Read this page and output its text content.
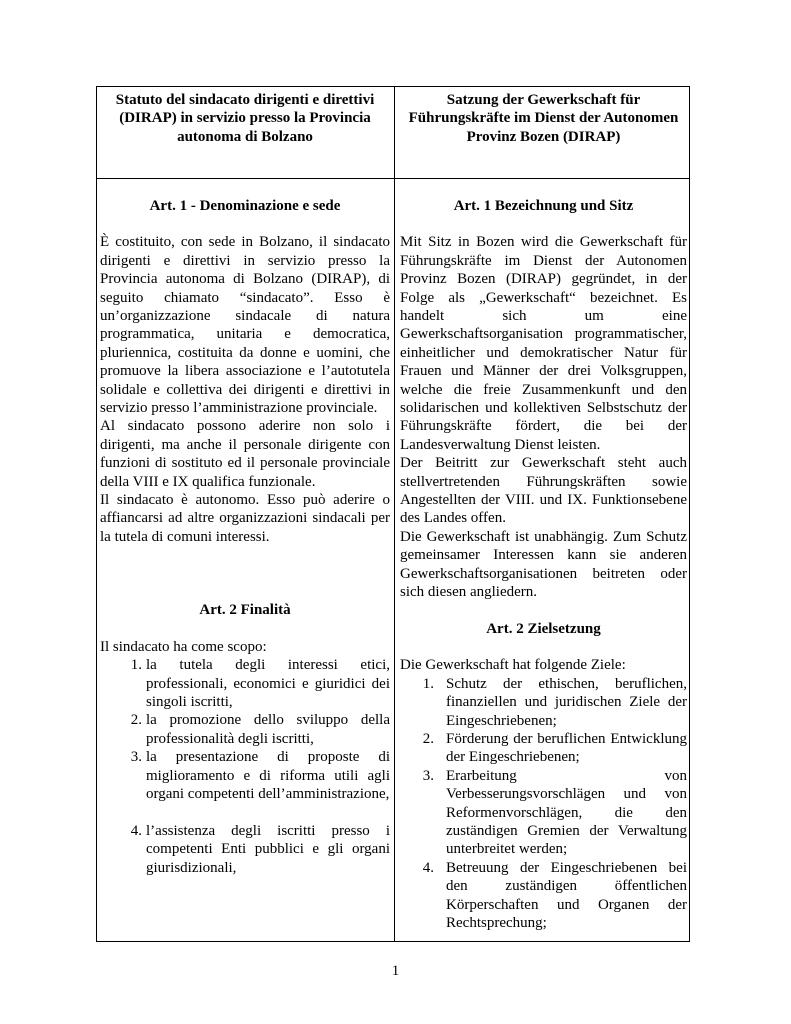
Statuto del sindacato dirigenti e direttivi (DIRAP) in servizio presso la Provincia autonoma di Bolzano
Satzung der Gewerkschaft für Führungskräfte im Dienst der Autonomen Provinz Bozen (DIRAP)
Art. 1 - Denominazione e sede

È costituito, con sede in Bolzano, il sindacato dirigenti e direttivi in servizio presso la Provincia autonoma di Bolzano (DIRAP), di seguito chiamato “sindacato”. Esso è un’organizzazione sindacale di natura programmatica, unitaria e democratica, pluriennica, costituita da donne e uomini, che promuove la libera associazione e l’autotutela solidale e collettiva dei dirigenti e direttivi in servizio presso l’amministrazione provinciale.

Al sindacato possono aderire non solo i dirigenti, ma anche il personale dirigente con funzioni di sostituto ed il personale provinciale della VIII e IX qualifica funzionale.

Il sindacato è autonomo. Esso può aderire o affiancarsi ad altre organizzazioni sindacali per la tutela di comuni interessi.

Art. 2 Finalità

Il sindacato ha come scopo:

1. la tutela degli interessi etici, professionali, economici e giuridici dei singoli iscritti,
2. la promozione dello sviluppo della professionalità degli iscritti,
3. la presentazione di proposte di miglioramento e di riforma utili agli organi competenti dell’amministrazione,
4. l’assistenza degli iscritti presso i competenti Enti pubblici e gli organi giurisdizionali,
Art. 1 Bezeichnung und Sitz

Mit Sitz in Bozen wird die Gewerkschaft für Führungskräfte im Dienst der Autonomen Provinz Bozen (DIRAP) gegründet, in der Folge als „Gewerkschaft“ bezeichnet. Es handelt sich um eine Gewerkschaftsorganisation programmatischer, einheitlicher und demokratischer Natur für Frauen und Männer der drei Volksgruppen, welche die freie Zusammenkunft und den solidarischen und kollektiven Selbstschutz der Führungskräfte fördert, die bei der Landesverwaltung Dienst leisten.

Der Beitritt zur Gewerkschaft steht auch stellvertretenden Führungskräften sowie Angestellten der VIII. und IX. Funktionsebene des Landes offen.

Die Gewerkschaft ist unabhängig. Zum Schutz gemeinsamer Interessen kann sie anderen Gewerkschaftsorganisationen beitreten oder sich diesen angliedern.

Art. 2 Zielsetzung

Die Gewerkschaft hat folgende Ziele:

1. Schutz der ethischen, beruflichen, finanziellen und juridischen Ziele der Eingeschriebenen;
2. Förderung der beruflichen Entwicklung der Eingeschriebenen;
3. Erarbeitung von Verbesserungsvorschlägen und von Reformenvorschlägen, die den zuständigen Gremien der Verwaltung unterbreitet werden;
4. Betreuung der Eingeschriebenen bei den zuständigen öffentlichen Körperschaften und Organen der Rechtsprechung;
1
